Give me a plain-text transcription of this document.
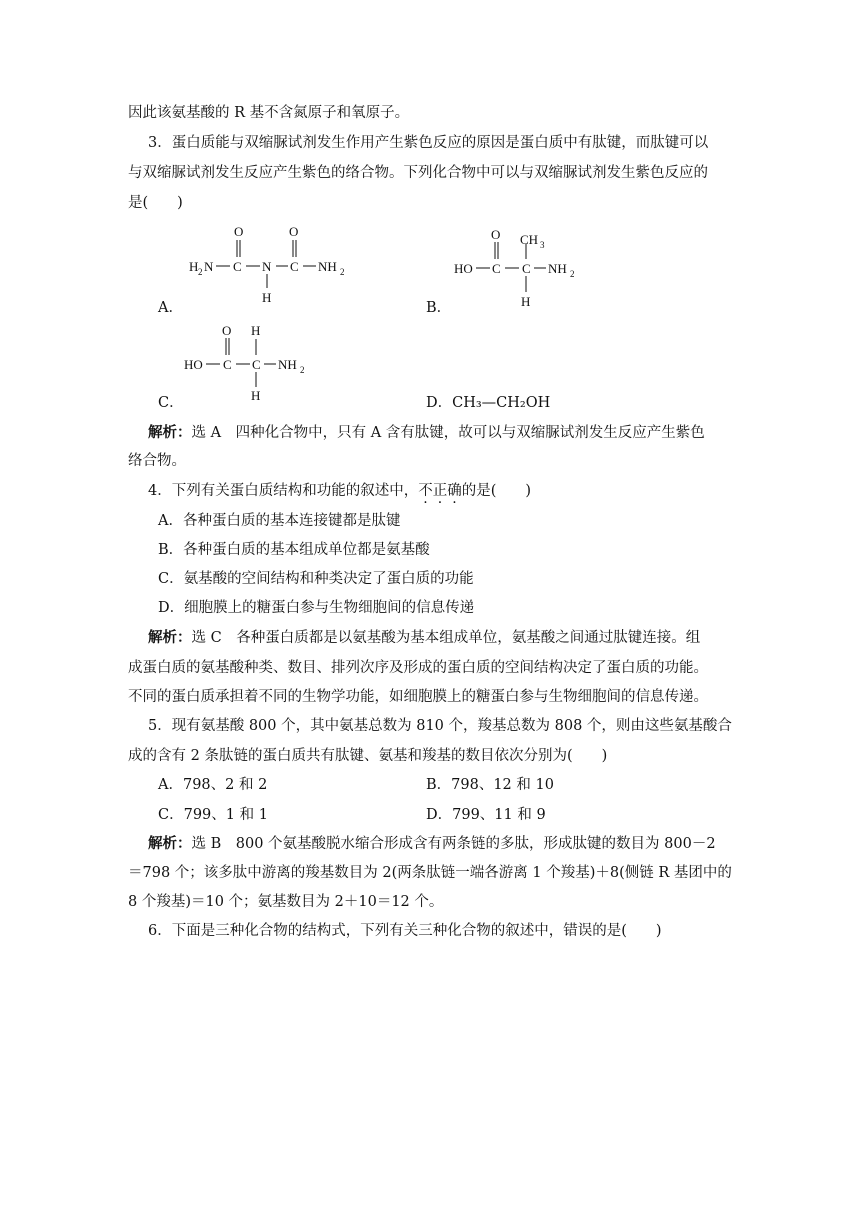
因此该氨基酸的 R 基不含氮原子和氧原子。
3．蛋白质能与双缩脲试剂发生作用产生紫色反应的原因是蛋白质中有肽键，而肽键可以
与双缩脲试剂发生反应产生紫色的络合物。下列化合物中可以与双缩脲试剂发生紫色反应的
是(　　)
H 2 N C
O
N
H
C
O
NH 2	HO C
O
C
CH 3
NH 2
H
A．	B．
HO C
O
C
H
NH 2
H
C．	D．CH₃—CH₂OH
解析：选 A　四种化合物中，只有 A 含有肽键，故可以与双缩脲试剂发生反应产生紫色
络合物。
4．下列有关蛋白质结构和功能的叙述中，不正确的是(　　)
A．各种蛋白质的基本连接键都是肽键
B．各种蛋白质的基本组成单位都是氨基酸
C．氨基酸的空间结构和种类决定了蛋白质的功能
D．细胞膜上的糖蛋白参与生物细胞间的信息传递
解析：选 C　各种蛋白质都是以氨基酸为基本组成单位，氨基酸之间通过肽键连接。组
成蛋白质的氨基酸种类、数目、排列次序及形成的蛋白质的空间结构决定了蛋白质的功能。
不同的蛋白质承担着不同的生物学功能，如细胞膜上的糖蛋白参与生物细胞间的信息传递。
5．现有氨基酸 800 个，其中氨基总数为 810 个，羧基总数为 808 个，则由这些氨基酸合
成的含有 2 条肽链的蛋白质共有肽键、氨基和羧基的数目依次分别为(　　)
A．798、2 和 2	B．798、12 和 10
C．799、1 和 1	D．799、11 和 9
解析：选 B　800 个氨基酸脱水缩合形成含有两条链的多肽，形成肽键的数目为 800－2
＝798 个；该多肽中游离的羧基数目为 2(两条肽链一端各游离 1 个羧基)＋8(侧链 R 基团中的
8 个羧基)＝10 个；氨基数目为 2＋10＝12 个。
6．下面是三种化合物的结构式，下列有关三种化合物的叙述中，错误的是(　　)
